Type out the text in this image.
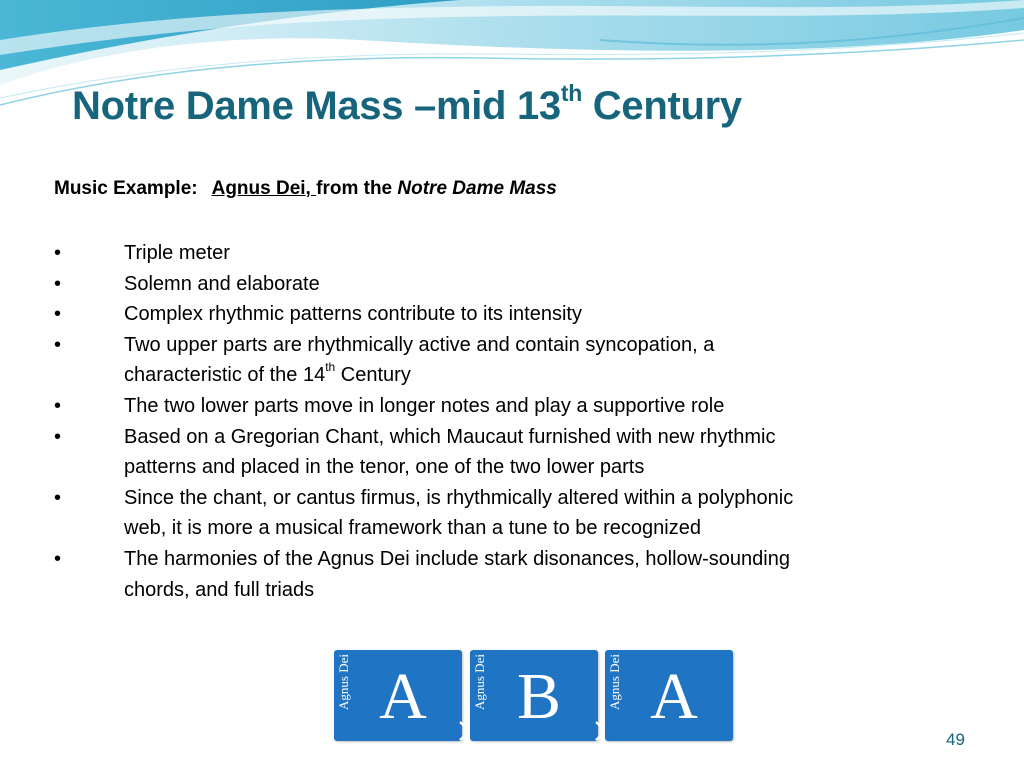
Notre Dame Mass –mid 13th Century
Music Example: Agnus Dei, from the Notre Dame Mass
•	Triple meter
•	Solemn and elaborate
•	Complex rhythmic patterns contribute to its intensity
•	Two upper parts are rhythmically active and contain syncopation, a
characteristic of the 14th Century
•	The two lower parts move in longer notes and play a supportive role
•	Based on a Gregorian Chant, which Maucaut furnished with new rhythmic
patterns and placed in the tenor, one of the two lower parts
•	Since the chant, or cantus firmus, is rhythmically altered within a polyphonic
web, it is more a musical framework than a tune to be recognized
•	The harmonies of the Agnus Dei include stark disonances, hollow-sounding
chords, and full triads
Agnus Dei A	Agnus Dei B	Agnus Dei A
49
